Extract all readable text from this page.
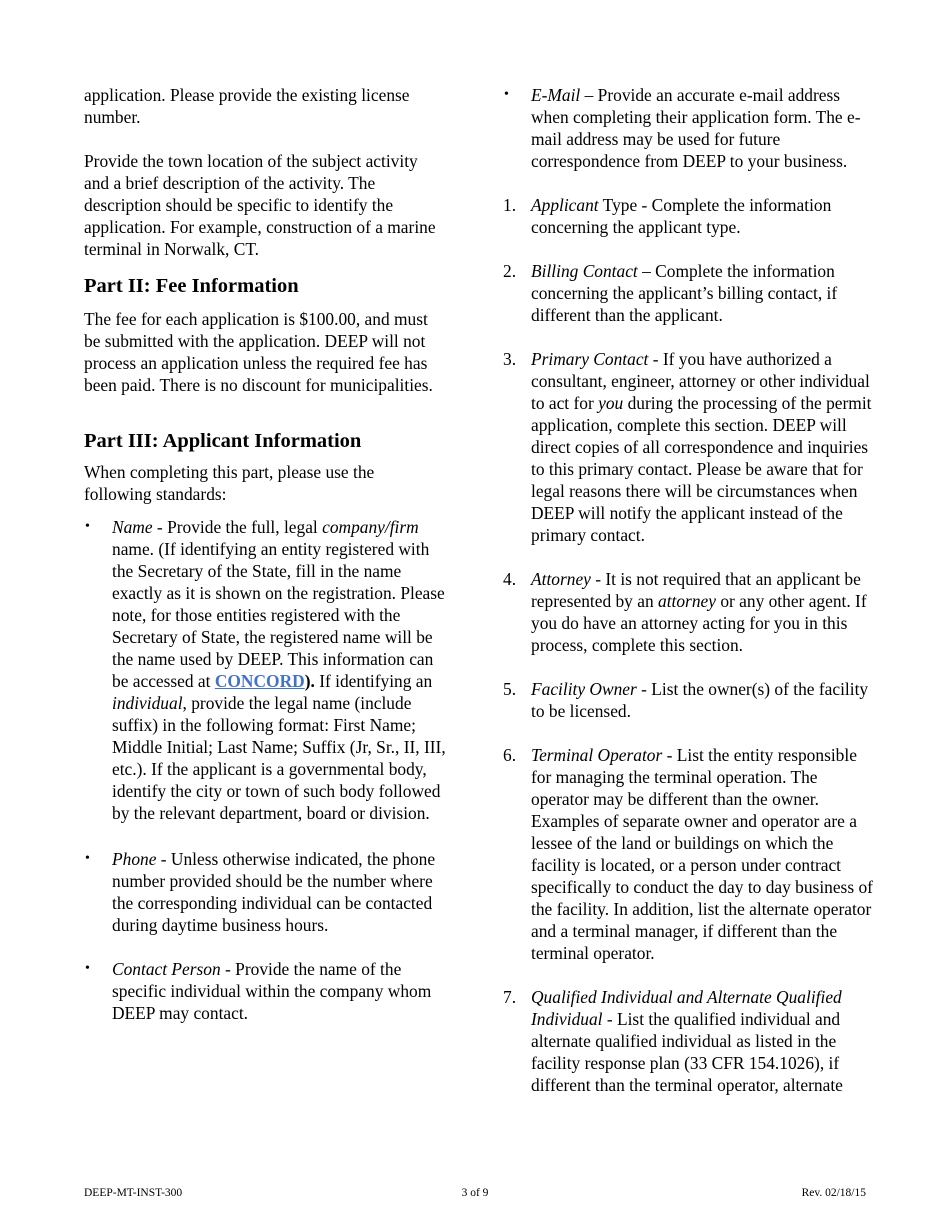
application. Please provide the existing license number.

Provide the town location of the subject activity and a brief description of the activity. The description should be specific to identify the application. For example, construction of a marine terminal in Norwalk, CT.

Part II: Fee Information

The fee for each application is $100.00, and must be submitted with the application. DEEP will not process an application unless the required fee has been paid. There is no discount for municipalities.

Part III: Applicant Information

When completing this part, please use the following standards:

• Name - Provide the full, legal company/firm name. (If identifying an entity registered with the Secretary of the State, fill in the name exactly as it is shown on the registration. Please note, for those entities registered with the Secretary of State, the registered name will be the name used by DEEP. This information can be accessed at CONCORD). If identifying an individual, provide the legal name (include suffix) in the following format: First Name; Middle Initial; Last Name; Suffix (Jr, Sr., II, III, etc.). If the applicant is a governmental body, identify the city or town of such body followed by the relevant department, board or division.
• Phone - Unless otherwise indicated, the phone number provided should be the number where the corresponding individual can be contacted during daytime business hours.
• Contact Person - Provide the name of the specific individual within the company whom DEEP may contact.
• E-Mail – Provide an accurate e-mail address when completing their application form. The e-mail address may be used for future correspondence from DEEP to your business.
1. Applicant Type - Complete the information concerning the applicant type.
2. Billing Contact – Complete the information concerning the applicant’s billing contact, if different than the applicant.
3. Primary Contact - If you have authorized a consultant, engineer, attorney or other individual to act for you during the processing of the permit application, complete this section. DEEP will direct copies of all correspondence and inquiries to this primary contact. Please be aware that for legal reasons there will be circumstances when DEEP will notify the applicant instead of the primary contact.
4. Attorney - It is not required that an applicant be represented by an attorney or any other agent. If you do have an attorney acting for you in this process, complete this section.
5. Facility Owner - List the owner(s) of the facility to be licensed.
6. Terminal Operator - List the entity responsible for managing the terminal operation. The operator may be different than the owner. Examples of separate owner and operator are a lessee of the land or buildings on which the facility is located, or a person under contract specifically to conduct the day to day business of the facility. In addition, list the alternate operator and a terminal manager, if different than the terminal operator.
7. Qualified Individual and Alternate Qualified Individual - List the qualified individual and alternate qualified individual as listed in the facility response plan (33 CFR 154.1026), if different than the terminal operator, alternate
DEEP-MT-INST-300	3 of 9	Rev. 02/18/15
